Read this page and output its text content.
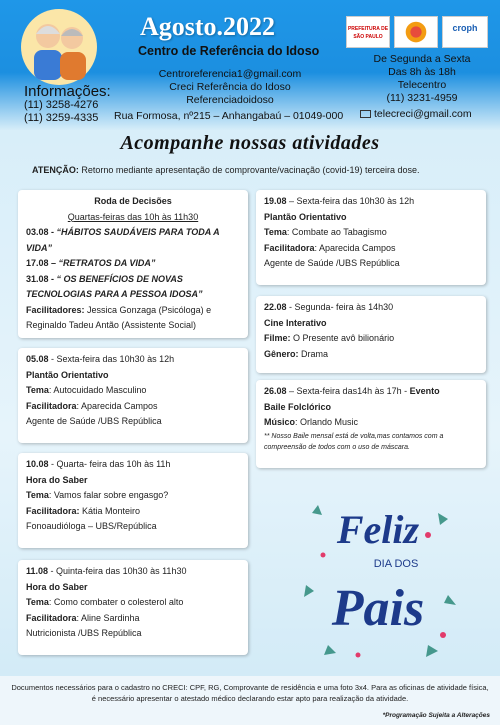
Agosto.2022
Centro de Referência do Idoso
Centroreferencia1@gmail.com
Creci Referência do Idoso
Referenciadoidoso
Informações:
(11) 3258-4276
(11) 3259-4335 Rua Formosa, nº215 – Anhangabaú – 01049-000
PREFEITURA DE SÃO PAULO
croph
De Segunda a Sexta
Das 8h às 18h
Telecentro
(11) 3231-4959
telecreci@gmail.com
Acompanhe nossas atividades
ATENÇÃO: Retorno mediante apresentação de comprovante/vacinação (covid-19) terceira dose.
Roda de Decisões
Quartas-feiras das 10h às 11h30
03.08 - “HÁBITOS SAUDÁVEIS PARA TODA A VIDA”
17.08 – “RETRATOS DA VIDA”
31.08 - “ OS BENEFÍCIOS DE NOVAS TECNOLOGIAS PARA A PESSOA IDOSA”
Facilitadores: Jessica Gonzaga (Psicóloga) e Reginaldo Tadeu Antão (Assistente Social)
05.08 - Sexta-feira das 10h30 às 12h
Plantão Orientativo
Tema: Autocuidado Masculino
Facilitadora: Aparecida Campos
Agente de Saúde /UBS República
10.08 - Quarta- feira das 10h às 11h
Hora do Saber
Tema: Vamos falar sobre engasgo?
Facilitadora: Kátia Monteiro
Fonoaudióloga – UBS/República
11.08 - Quinta-feira das 10h30 às 11h30
Hora do Saber
Tema: Como combater o colesterol alto
Facilitadora: Aline Sardinha
Nutricionista /UBS República
19.08 – Sexta-feira das 10h30 às 12h
Plantão Orientativo
Tema: Combate ao Tabagismo
Facilitadora: Aparecida Campos
Agente de Saúde /UBS República
22.08 - Segunda- feira às 14h30
Cine Interativo
Filme: O Presente avô bilionário
Gênero: Drama
26.08 – Sexta-feira das14h às 17h - Evento
Baile Folclórico
Músico: Orlando Music
** Nosso Baile mensal está de volta,mas contamos com a compreensão de todos com o uso de máscara.
Feliz
DIA DOS
Pais
Documentos necessários para o cadastro no CRECI: CPF, RG, Comprovante de residência e uma foto 3x4. Para as oficinas de atividade física, é necessário apresentar o atestado médico declarando estar apto para realização da atividade.
*Programação Sujeita a Alterações
